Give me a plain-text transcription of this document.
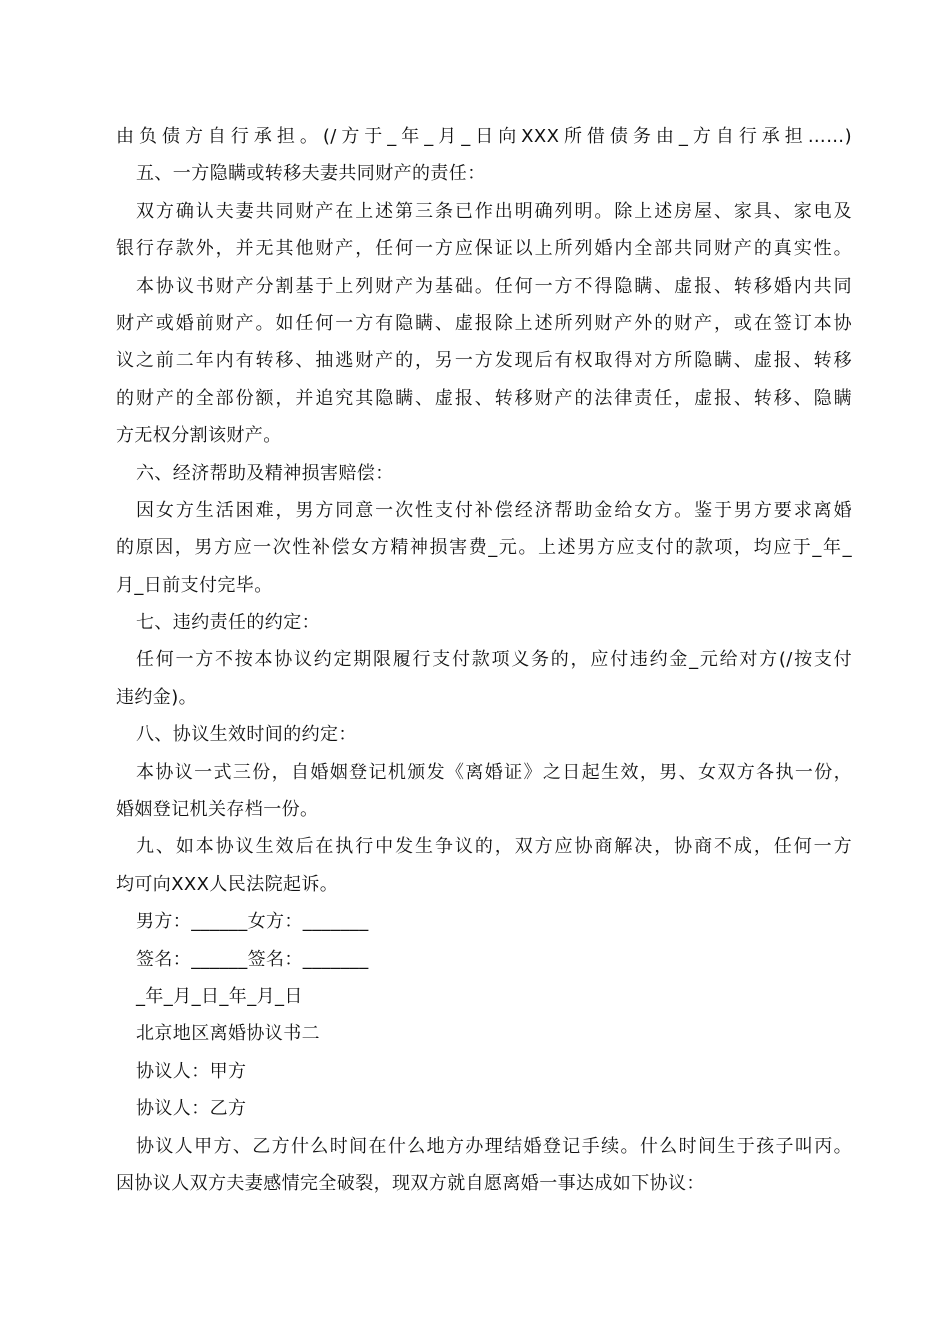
由负债方自行承担。(/方于_年_月_日向XXX所借债务由_方自行承担……)
五、一方隐瞒或转移夫妻共同财产的责任：
双方确认夫妻共同财产在上述第三条已作出明确列明。除上述房屋、家具、家电及
银行存款外，并无其他财产，任何一方应保证以上所列婚内全部共同财产的真实性。
本协议书财产分割基于上列财产为基础。任何一方不得隐瞒、虚报、转移婚内共同
财产或婚前财产。如任何一方有隐瞒、虚报除上述所列财产外的财产，或在签订本协
议之前二年内有转移、抽逃财产的，另一方发现后有权取得对方所隐瞒、虚报、转移
的财产的全部份额，并追究其隐瞒、虚报、转移财产的法律责任，虚报、转移、隐瞒
方无权分割该财产。
六、经济帮助及精神损害赔偿：
因女方生活困难，男方同意一次性支付补偿经济帮助金给女方。鉴于男方要求离婚
的原因，男方应一次性补偿女方精神损害费_元。上述男方应支付的款项，均应于_年_
月_日前支付完毕。
七、违约责任的约定：
任何一方不按本协议约定期限履行支付款项义务的，应付违约金_元给对方(/按支付
违约金)。
八、协议生效时间的约定：
本协议一式三份，自婚姻登记机颁发《离婚证》之日起生效，男、女双方各执一份，
婚姻登记机关存档一份。
九、如本协议生效后在执行中发生争议的，双方应协商解决，协商不成，任何一方
均可向XXX人民法院起诉。
男方：______女方：_______
签名：______签名：_______
_年_月_日_年_月_日
北京地区离婚协议书二
协议人：甲方
协议人：乙方
协议人甲方、乙方什么时间在什么地方办理结婚登记手续。什么时间生于孩子叫丙。
因协议人双方夫妻感情完全破裂，现双方就自愿离婚一事达成如下协议：
